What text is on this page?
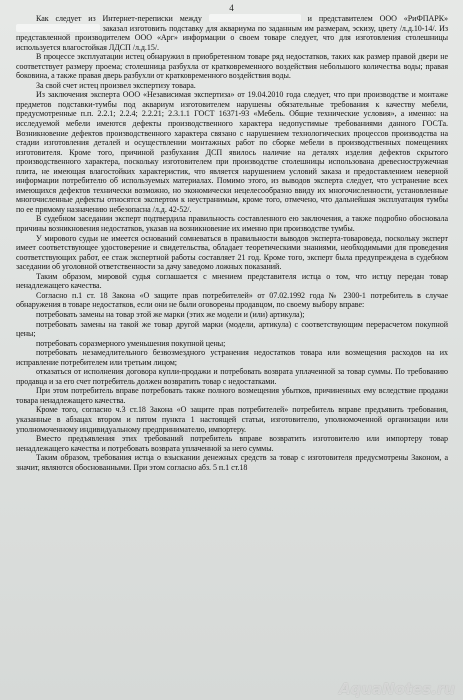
4

Как следует из Интернет-переписки между	и представителем ООО «РиФПАРК»  заказал изготовить подставку для аквариума по заданным им размерам, эскизу, цвету /л.д.10-14/. Из представленной производителем ООО «Арг» информации о своем товаре следует, что для изготовления столешницы используется влагостойкая ЛДСП /л.д.15/.

В процессе эксплуатации истец обнаружил в приобретенном товаре ряд недостатков, таких как размер правой двери не соответствует размеру проема; столешница разбухла от кратковременного воздействия небольшого количества воды; правая боковина, а также правая дверь разбухли от кратковременного воздействия воды.

За свой счет истец произвел экспертизу товара.

Из заключения эксперта ООО «Независимая экспертиза» от 19.04.2010 года следует, что при производстве и монтаже предметов подставки-тумбы под аквариум изготовителем нарушены обязательные требования к качеству мебели, предусмотренные п.п. 2.2.1; 2.2.4; 2.2.21; 2.3.1.1 ГОСТ 16371-93 «Мебель. Общие технические условия», а именно: на исследуемой мебели имеются дефекты производственного характера недопустимые требованиями данного ГОСТа. Возникновение дефектов производственного характера связано с нарушением технологических процессов производства на стадии изготовления деталей и осуществлении монтажных работ по сборке мебели в производственных помещениях изготовителя. Кроме того, причиной разбухания ДСП явилось наличие на деталях изделия дефектов скрытого производственного характера, поскольку изготовителем при производстве столешницы использована древесностружечная плита, не имеющая влагостойких характеристик, что является нарушением условий заказа и предоставлением неверной информации потребителю об используемых материалах. Помимо этого, из выводов эксперта следует, что устранение всех имеющихся дефектов технически возможно, но экономически нецелесообразно ввиду их многочисленности, установленные многочисленные дефекты относятся экспертом к неустранимым, кроме того, отмечено, что дальнейшая эксплуатация тумбы по ее прямому назначению небезопасна /л.д. 42-52/.

В судебном заседании эксперт подтвердила правильность составленного ею заключения, а также подробно обосновала причины возникновения недостатков, указав на возникновение их именно при производстве тумбы.

У мирового судьи не имеется оснований сомневаться в правильности выводов эксперта-товароведа, поскольку эксперт имеет соответствующее удостоверение и свидетельства, обладает теоретическими знаниями, необходимыми для проведения соответствующих работ, ее стаж экспертной работы составляет 21 год. Кроме того, эксперт была предупреждена в судебном заседании об уголовной ответственности за дачу заведомо ложных показаний.

Таким образом, мировой судья соглашается с мнением представителя истца о том, что истцу передан товар ненадлежащего качества.

Согласно п.1 ст. 18 Закона «О защите прав потребителей» от 07.02.1992 года № 2300-1 потребитель в случае обнаружения в товаре недостатков, если они не были оговорены продавцом, по своему выбору вправе:

потребовать замены на товар этой же марки (этих же модели и (или) артикула);

потребовать замены на такой же товар другой марки (модели, артикула) с соответствующим перерасчетом покупной цены;

потребовать соразмерного уменьшения покупной цены;

потребовать незамедлительного безвозмездного устранения недостатков товара или возмещения расходов на их исправление потребителем или третьим лицом;

отказаться от исполнения договора купли-продажи и потребовать возврата уплаченной за товар суммы. По требованию продавца и за его счет потребитель должен возвратить товар с недостатками.

При этом потребитель вправе потребовать также полного возмещения убытков, причиненных ему вследствие продажи товара ненадлежащего качества.

Кроме того, согласно ч.3 ст.18 Закона «О защите прав потребителей» потребитель вправе предъявить требования, указанные в абзацах втором и пятом пункта 1 настоящей статьи, изготовителю, уполномоченной организации или уполномоченному индивидуальному предпринимателю, импортеру.

Вместо предъявления этих требований потребитель вправе возвратить изготовителю или импортеру товар ненадлежащего качества и потребовать возврата уплаченной за него суммы.

Таким образом, требования истца о взыскании денежных средств за товар с изготовителя предусмотрены Законом, а значит, являются обоснованными. При этом согласно абз. 5 п.1 ст.18

AquaNotes.ru
